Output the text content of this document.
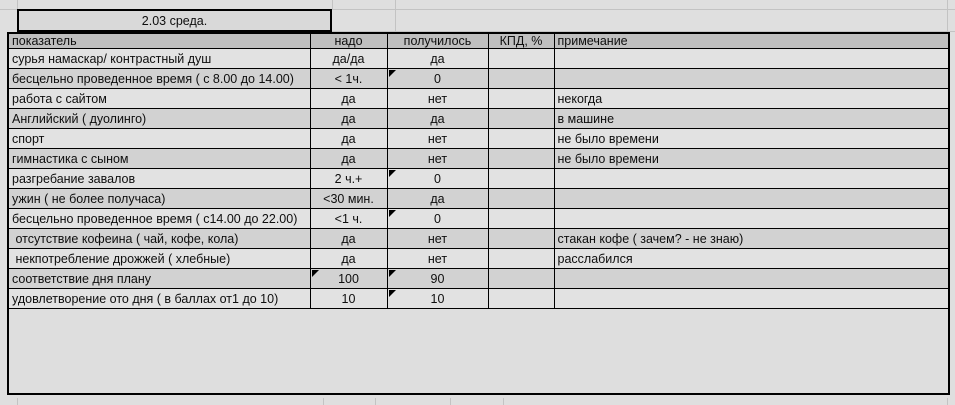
2.03 среда.
показатель	надо	получилось	КПД, %	примечание
сурья намаскар/ контрастный душ	да/да	да		
бесцельно проведенное время ( с 8.00 до 14.00)	< 1ч.	0		
работа с сайтом	да	нет		некогда
Английский ( дуолинго)	да	да		в машине
спорт	да	нет		не было времени
гимнастика с сыном	да	нет		не было времени
разгребание завалов	2 ч.+	0		
ужин ( не более получаса)	<30 мин.	да		
бесцельно проведенное время ( с14.00 до 22.00)	<1 ч.	0		
отсутствие кофеина ( чай, кофе, кола)	да	нет		стакан кофе ( зачем? - не знаю)
некпотребление дрожжей ( хлебные)	да	нет		расслабился
соответствие дня плану	100	90		
удовлетворение ото дня ( в баллах от1 до 10)	10	10		
